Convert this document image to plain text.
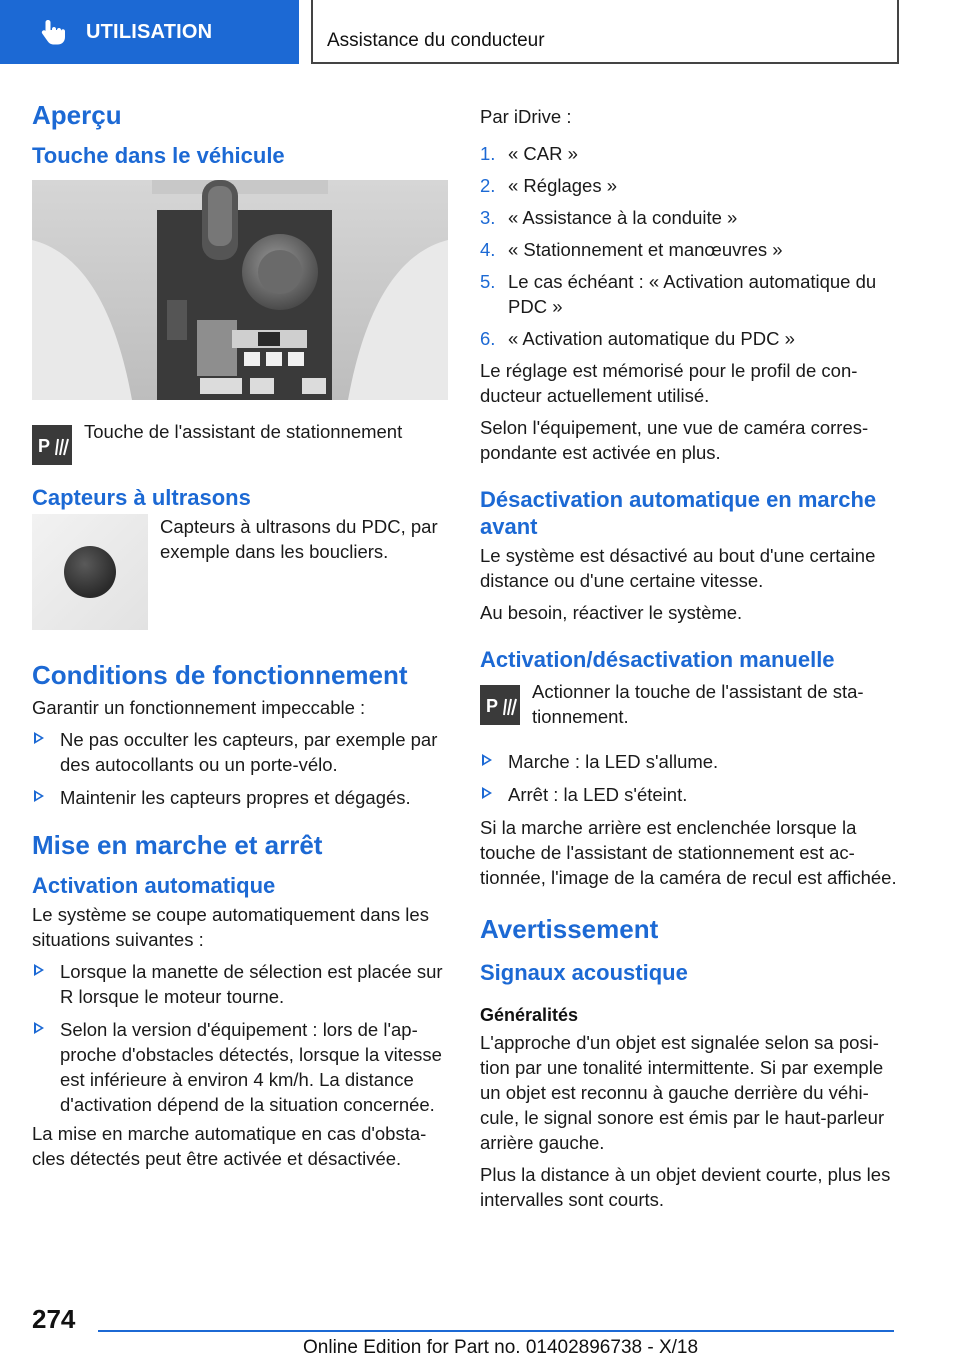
UTILISATION	Assistance du conducteur
Aperçu
Touche dans le véhicule
P
Touche de l'assistant de stationnement
Capteurs à ultrasons
Capteurs à ultrasons du PDC, par exemple dans les boucliers.
Conditions de fonctionnement

Garantir un fonctionnement impeccable :

Ne pas occulter les capteurs, par exemple par des autocollants ou un porte-vélo.
Maintenir les capteurs propres et dégagés.
Mise en marche et arrêt
Activation automatique

Le système se coupe automatiquement dans les situations suivantes :

Lorsque la manette de sélection est placée sur R lorsque le moteur tourne.
Selon la version d'équipement : lors de l'approche d'obstacles détectés, lorsque la vitesse est inférieure à environ 4 km/h. La distance d'activation dépend de la situation concernée.

La mise en marche automatique en cas d'obstacles détectés peut être activée et désactivée.

Par iDrive :

1. « CAR »
2. « Réglages »
3. « Assistance à la conduite »
4. « Stationnement et manœuvres »
5. Le cas échéant : « Activation automatique du PDC »
6. « Activation automatique du PDC »

Le réglage est mémorisé pour le profil de conducteur actuellement utilisé.

Selon l'équipement, une vue de caméra correspondante est activée en plus.

Désactivation automatique en marche avant

Le système est désactivé au bout d'une certaine distance ou d'une certaine vitesse.

Au besoin, réactiver le système.

Activation/désactivation manuelle
P
Actionner la touche de l'assistant de stationnement.
Marche : la LED s'allume.
Arrêt : la LED s'éteint.

Si la marche arrière est enclenchée lorsque la touche de l'assistant de stationnement est actionnée, l'image de la caméra de recul est affichée.

Avertissement
Signaux acoustique
Généralités

L'approche d'un objet est signalée selon sa position par une tonalité intermittente. Si par exemple un objet est reconnu à gauche derrière du véhicule, le signal sonore est émis par le haut-parleur arrière gauche.

Plus la distance à un objet devient courte, plus les intervalles sont courts.

274
Online Edition for Part no. 01402896738 - X/18
